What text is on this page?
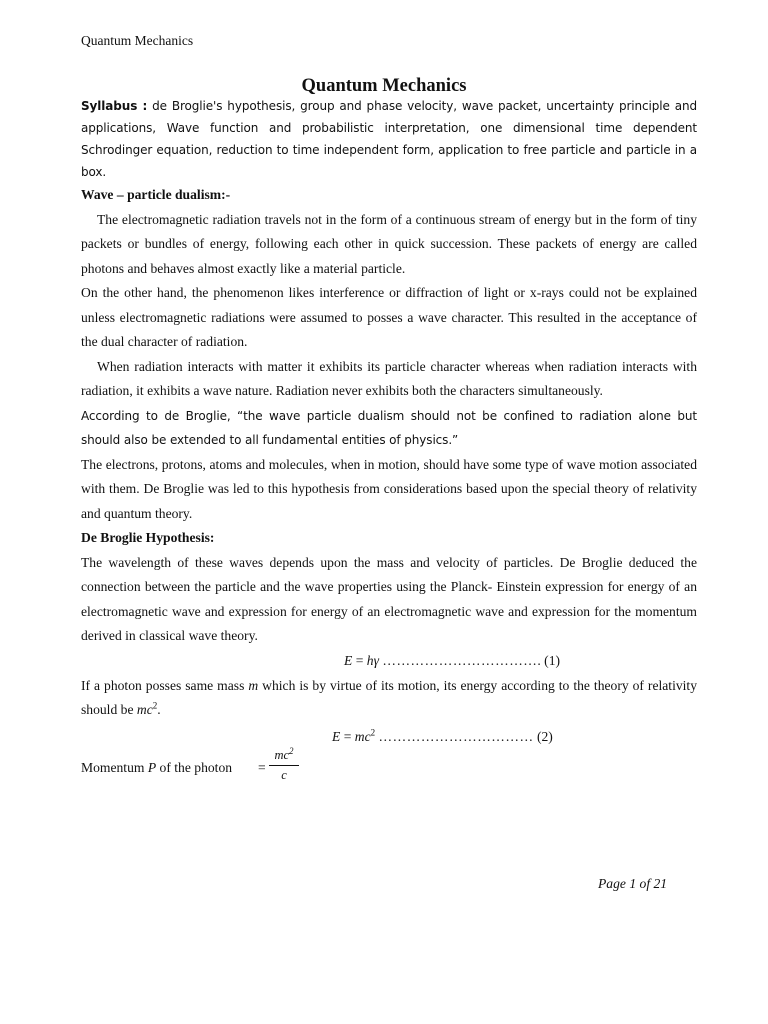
Quantum Mechanics
Quantum Mechanics

Syllabus : de Broglie's hypothesis, group and phase velocity, wave packet, uncertainty principle and applications, Wave function and probabilistic interpretation, one dimensional time dependent Schrodinger equation, reduction to time independent form, application to free particle and particle in a box.

Wave – particle dualism:-

The electromagnetic radiation travels not in the form of a continuous stream of energy but in the form of tiny packets or bundles of energy, following each other in quick succession. These packets of energy are called photons and behaves almost exactly like a material particle.

On the other hand, the phenomenon likes interference or diffraction of light or x-rays could not be explained unless electromagnetic radiations were assumed to posses a wave character. This resulted in the acceptance of the dual character of radiation.

When radiation interacts with matter it exhibits its particle character whereas when radiation interacts with radiation, it exhibits a wave nature. Radiation never exhibits both the characters simultaneously.

According to de Broglie, “the wave particle dualism should not be confined to radiation alone but should also be extended to all fundamental entities of physics.”

The electrons, protons, atoms and molecules, when in motion, should have some type of wave motion associated with them. De Broglie was led to this hypothesis from considerations based upon the special theory of relativity and quantum theory.

De Broglie Hypothesis:

The wavelength of these waves depends upon the mass and velocity of particles. De Broglie deduced the connection between the particle and the wave properties using the Planck- Einstein expression for energy of an electromagnetic wave and expression for energy of an electromagnetic wave and expression for the momentum derived in classical wave theory.

E = hγ ……………………………. (1)

If a photon posses same mass m which is by virtue of its motion, its energy according to the theory of relativity should be $mc^2$.

$E = mc^2$ …………………………… (2)
Momentum P of the photon = $\frac{mc^2}{c}$
Page 1 of 21
